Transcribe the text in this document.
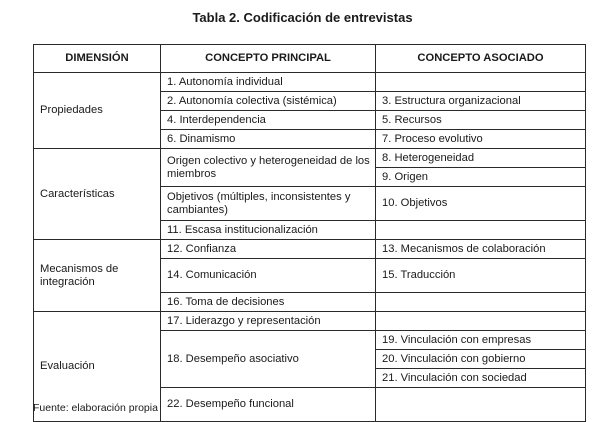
Tabla 2. Codificación de entrevistas
DIMENSIÓN	CONCEPTO PRINCIPAL	CONCEPTO ASOCIADO
Propiedades	1. Autonomía individual	
	2. Autonomía colectiva (sistémica)	3. Estructura organizacional
	4. Interdependencia	5. Recursos
	6. Dinamismo	7. Proceso evolutivo
Características	Origen colectivo y heterogeneidad de los miembros	8. Heterogeneidad
		9. Origen
	Objetivos (múltiples, inconsistentes y cambiantes)	10. Objetivos
	11. Escasa institucionalización	
Mecanismos de integración	12. Confianza	13. Mecanismos de colaboración
	14. Comunicación	15. Traducción
	16. Toma de decisiones	
Evaluación	17. Liderazgo y representación	
	18. Desempeño asociativo	19. Vinculación con empresas
		20. Vinculación con gobierno
		21. Vinculación con sociedad
	22. Desempeño funcional	
Fuente: elaboración propia
